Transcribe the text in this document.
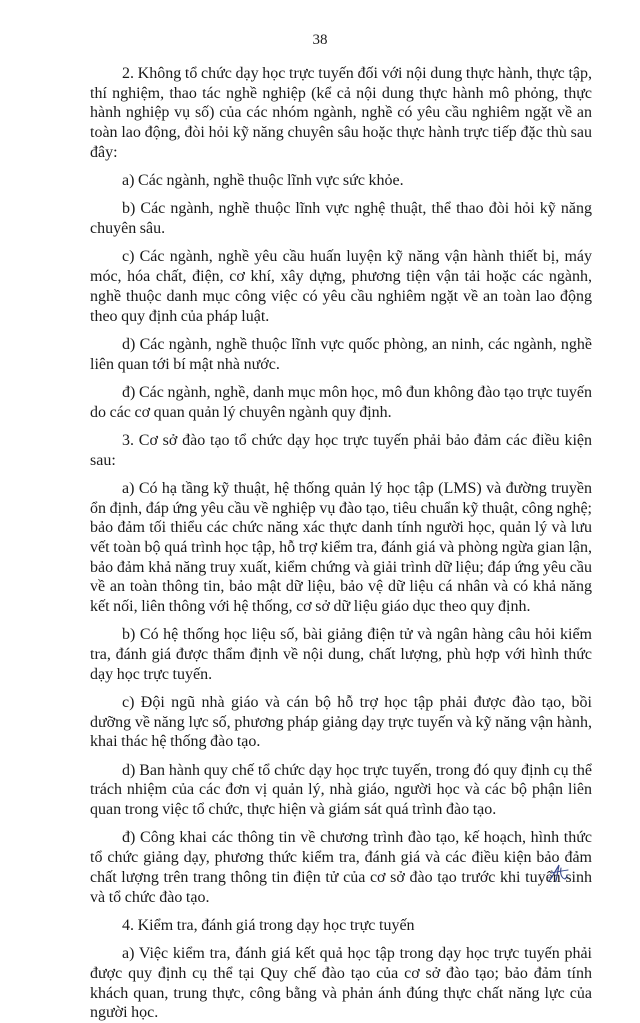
38

2. Không tổ chức dạy học trực tuyến đối với nội dung thực hành, thực tập, thí nghiệm, thao tác nghề nghiệp (kể cả nội dung thực hành mô phỏng, thực hành nghiệp vụ số) của các nhóm ngành, nghề có yêu cầu nghiêm ngặt về an toàn lao động, đòi hỏi kỹ năng chuyên sâu hoặc thực hành trực tiếp đặc thù sau đây:

a) Các ngành, nghề thuộc lĩnh vực sức khỏe.

b) Các ngành, nghề thuộc lĩnh vực nghệ thuật, thể thao đòi hỏi kỹ năng chuyên sâu.

c) Các ngành, nghề yêu cầu huấn luyện kỹ năng vận hành thiết bị, máy móc, hóa chất, điện, cơ khí, xây dựng, phương tiện vận tải hoặc các ngành, nghề thuộc danh mục công việc có yêu cầu nghiêm ngặt về an toàn lao động theo quy định của pháp luật.

d) Các ngành, nghề thuộc lĩnh vực quốc phòng, an ninh, các ngành, nghề liên quan tới bí mật nhà nước.

đ) Các ngành, nghề, danh mục môn học, mô đun không đào tạo trực tuyến do các cơ quan quản lý chuyên ngành quy định.

3. Cơ sở đào tạo tổ chức dạy học trực tuyến phải bảo đảm các điều kiện sau:

a) Có hạ tầng kỹ thuật, hệ thống quản lý học tập (LMS) và đường truyền ổn định, đáp ứng yêu cầu về nghiệp vụ đào tạo, tiêu chuẩn kỹ thuật, công nghệ; bảo đảm tối thiểu các chức năng xác thực danh tính người học, quản lý và lưu vết toàn bộ quá trình học tập, hỗ trợ kiểm tra, đánh giá và phòng ngừa gian lận, bảo đảm khả năng truy xuất, kiểm chứng và giải trình dữ liệu; đáp ứng yêu cầu về an toàn thông tin, bảo mật dữ liệu, bảo vệ dữ liệu cá nhân và có khả năng kết nối, liên thông với hệ thống, cơ sở dữ liệu giáo dục theo quy định.

b) Có hệ thống học liệu số, bài giảng điện tử và ngân hàng câu hỏi kiểm tra, đánh giá được thẩm định về nội dung, chất lượng, phù hợp với hình thức dạy học trực tuyến.

c) Đội ngũ nhà giáo và cán bộ hỗ trợ học tập phải được đào tạo, bồi dưỡng về năng lực số, phương pháp giảng dạy trực tuyến và kỹ năng vận hành, khai thác hệ thống đào tạo.

d) Ban hành quy chế tổ chức dạy học trực tuyến, trong đó quy định cụ thể trách nhiệm của các đơn vị quản lý, nhà giáo, người học và các bộ phận liên quan trong việc tổ chức, thực hiện và giám sát quá trình đào tạo.

đ) Công khai các thông tin về chương trình đào tạo, kế hoạch, hình thức tổ chức giảng dạy, phương thức kiểm tra, đánh giá và các điều kiện bảo đảm chất lượng trên trang thông tin điện tử của cơ sở đào tạo trước khi tuyển sinh và tổ chức đào tạo.

4. Kiểm tra, đánh giá trong dạy học trực tuyến

a) Việc kiểm tra, đánh giá kết quả học tập trong dạy học trực tuyến phải được quy định cụ thể tại Quy chế đào tạo của cơ sở đào tạo; bảo đảm tính khách quan, trung thực, công bằng và phản ánh đúng thực chất năng lực của người học.
